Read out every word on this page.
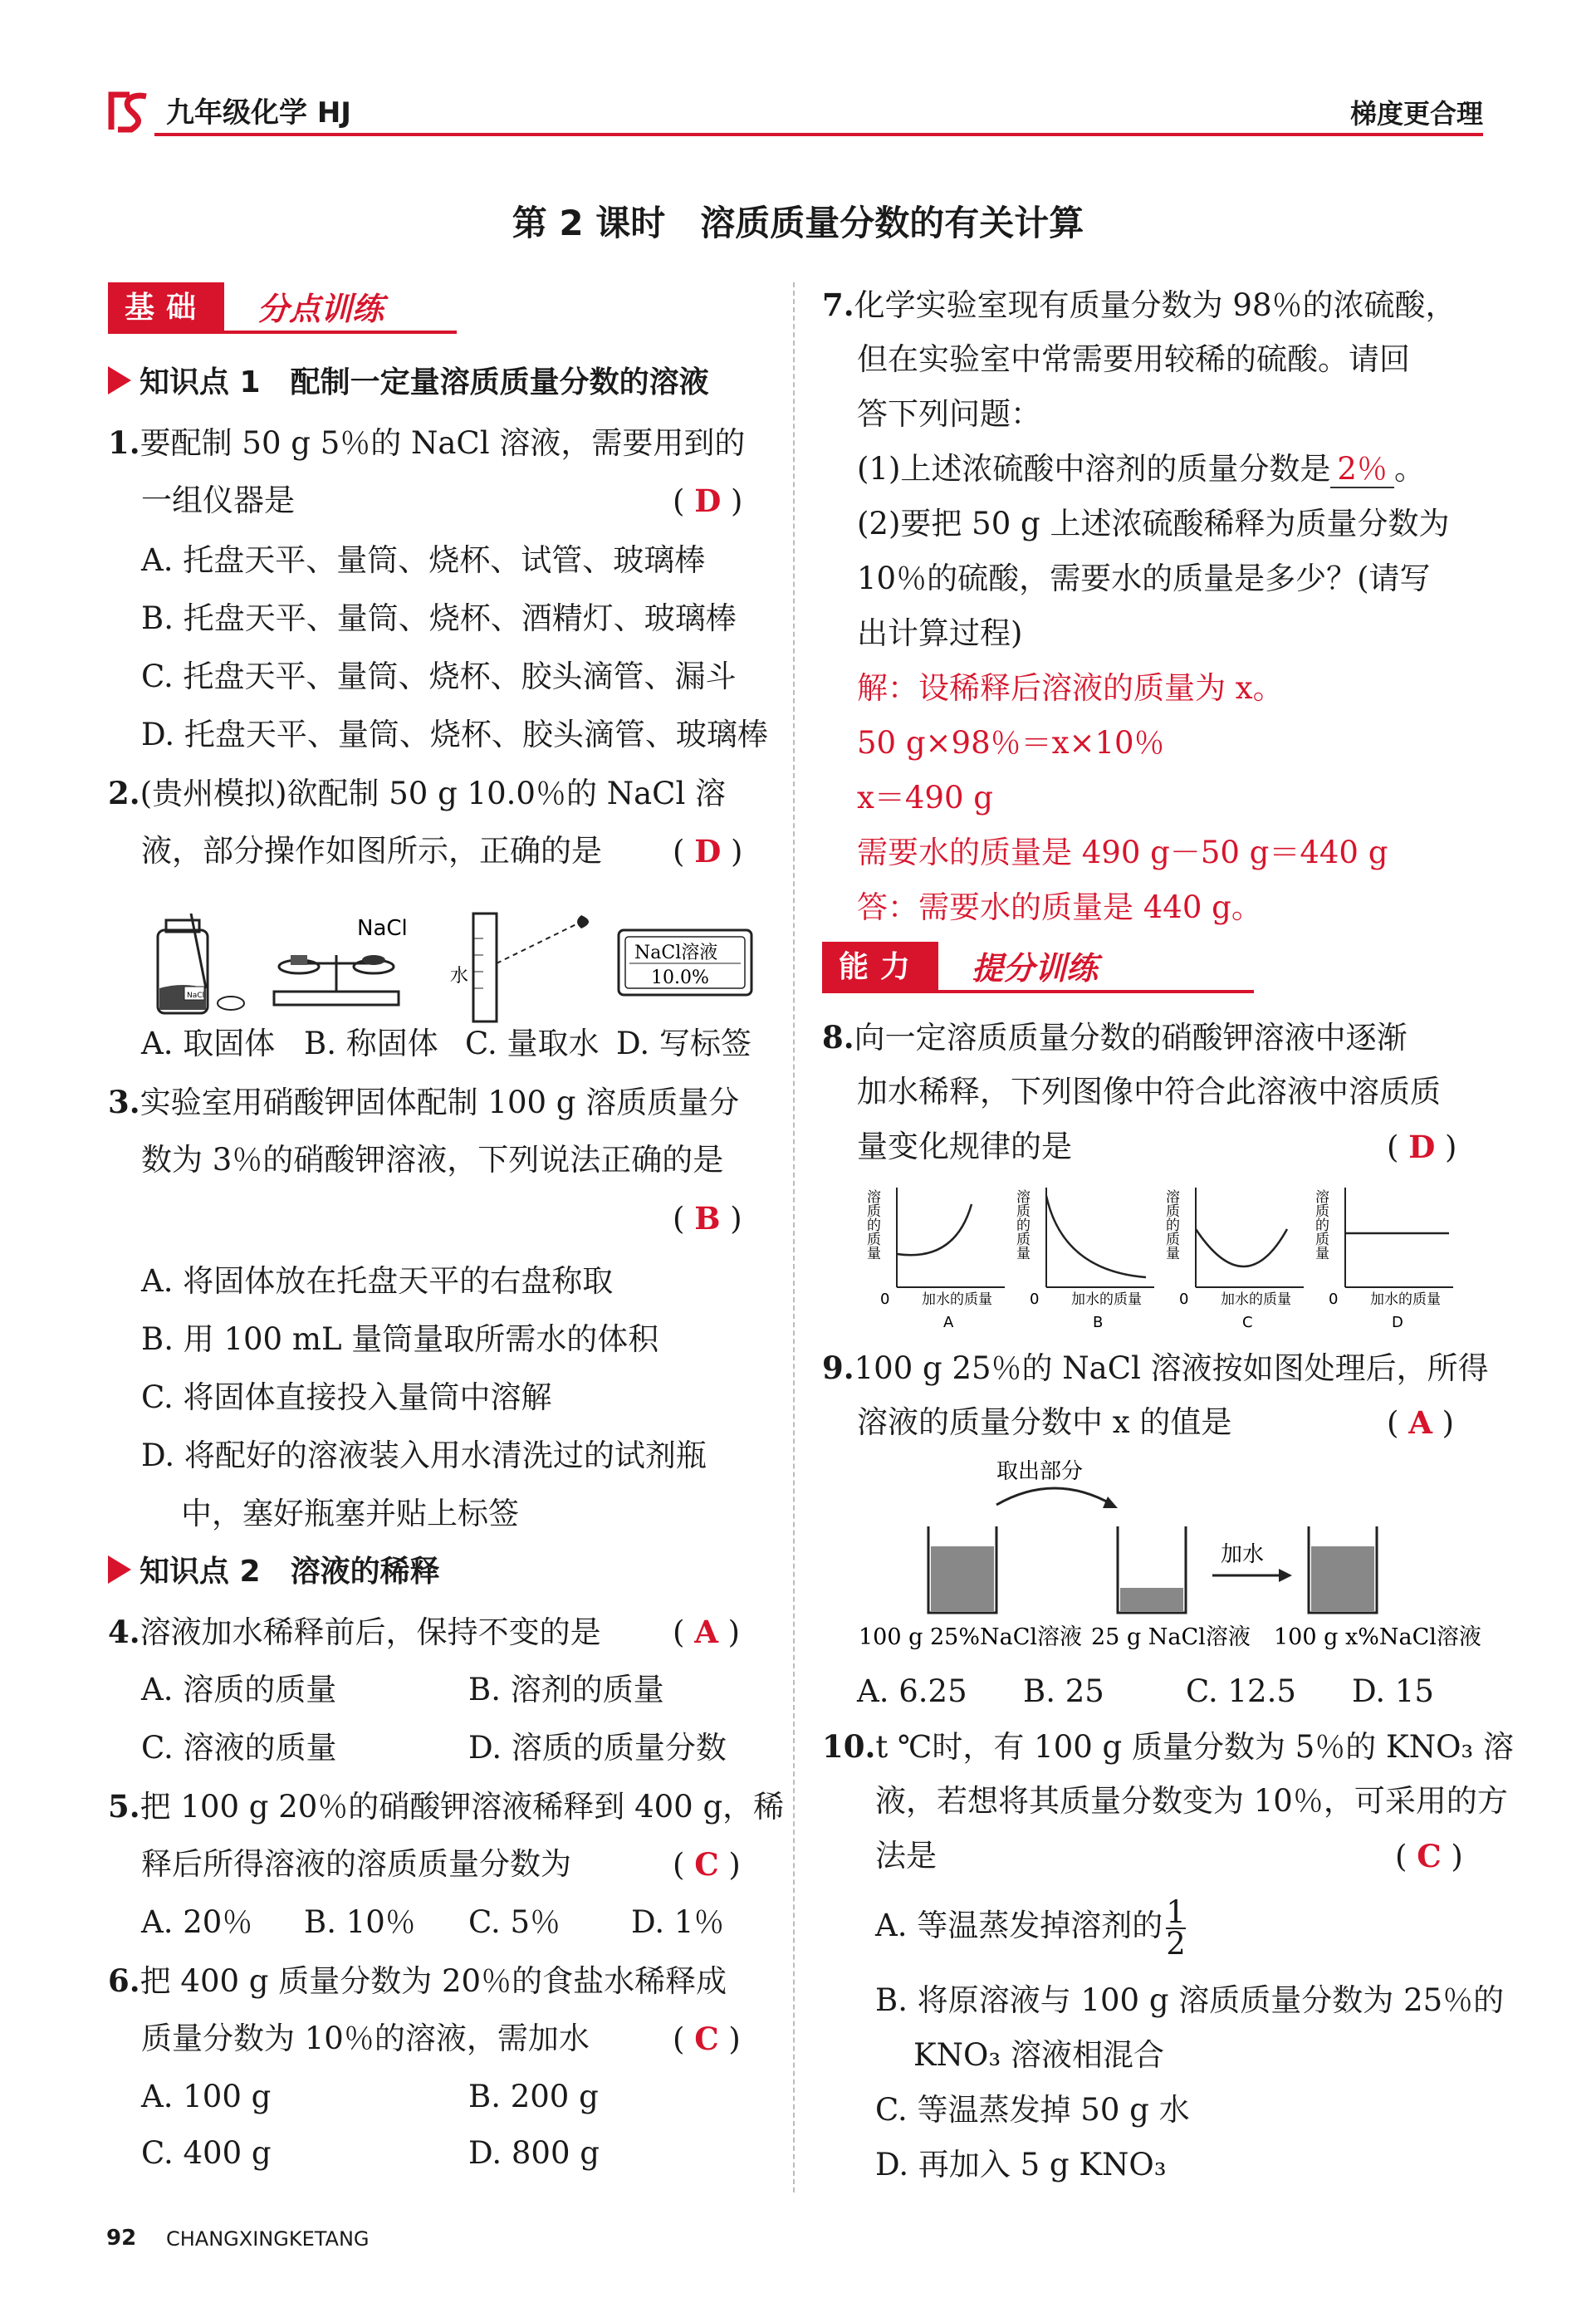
九年级化学 HJ	梯度更合理
第 2 课时　溶质质量分数的有关计算
基础	分点训练
知识点 1　配制一定量溶质质量分数的溶液
1.要配制 50 g 5％的 NaCl 溶液，需要用到的
一组仪器是	( D )
A. 托盘天平、量筒、烧杯、试管、玻璃棒
B. 托盘天平、量筒、烧杯、酒精灯、玻璃棒
C. 托盘天平、量筒、烧杯、胶头滴管、漏斗
D. 托盘天平、量筒、烧杯、胶头滴管、玻璃棒
2.(贵州模拟)欲配制 50 g 10.0％的 NaCl 溶
液，部分操作如图所示，正确的是 ( D )
NaCl
NaCl
水
NaCl溶液
10.0%
A. 取固体 B. 称固体 C. 量取水 D. 写标签
3.实验室用硝酸钾固体配制 100 g 溶质质量分
数为 3％的硝酸钾溶液，下列说法正确的是
( B )
A. 将固体放在托盘天平的右盘称取
B. 用 100 mL 量筒量取所需水的体积
C. 将固体直接投入量筒中溶解
D. 将配好的溶液装入用水清洗过的试剂瓶
中，塞好瓶塞并贴上标签
知识点 2　溶液的稀释
4.溶液加水稀释前后，保持不变的是 ( A )
A. 溶质的质量	B. 溶剂的质量
C. 溶液的质量	D. 溶质的质量分数
5.把 100 g 20％的硝酸钾溶液稀释到 400 g，稀
释后所得溶液的溶质质量分数为	( C )
A. 20％ B. 10％ C. 5％ D. 1％
6.把 400 g 质量分数为 20％的食盐水稀释成
质量分数为 10％的溶液，需加水	( C )
A. 100 g	B. 200 g
C. 400 g	D. 800 g
7.化学实验室现有质量分数为 98％的浓硫酸，
但在实验室中常需要用较稀的硫酸。请回
答下列问题：
(1)上述浓硫酸中溶剂的质量分数是 2％ 。
(2)要把 50 g 上述浓硫酸稀释为质量分数为
10％的硫酸，需要水的质量是多少？(请写
出计算过程)
解：设稀释后溶液的质量为 x。
50 g×98％＝x×10％
x＝490 g
需要水的质量是 490 g－50 g＝440 g
答：需要水的质量是 440 g。
能力	提分训练
8.向一定溶质质量分数的硝酸钾溶液中逐渐
加水稀释，下列图像中符合此溶液中溶质质
量变化规律的是	( D )
溶质的质量
0 加水的质量
A
溶质的质量
0 加水的质量
B
溶质的质量
0 加水的质量
C
溶质的质量
0 加水的质量
D
9.100 g 25％的 NaCl 溶液按如图处理后，所得
溶液的质量分数中 x 的值是	( A )
取出部分
加水
100 g 25%NaCl溶液 25 g NaCl溶液 100 g x%NaCl溶液
A. 6.25 B. 25	C. 12.5 D. 15
10.t ℃时，有 100 g 质量分数为 5％的 KNO₃ 溶
液，若想将其质量分数变为 10％，可采用的方
法是	( C )
A. 等温蒸发掉溶剂的 $\frac{1}{2}$
B. 将原溶液与 100 g 溶质质量分数为 25％的
KNO₃ 溶液相混合
C. 等温蒸发掉 50 g 水
D. 再加入 5 g KNO₃
92 CHANGXINGKETANG
